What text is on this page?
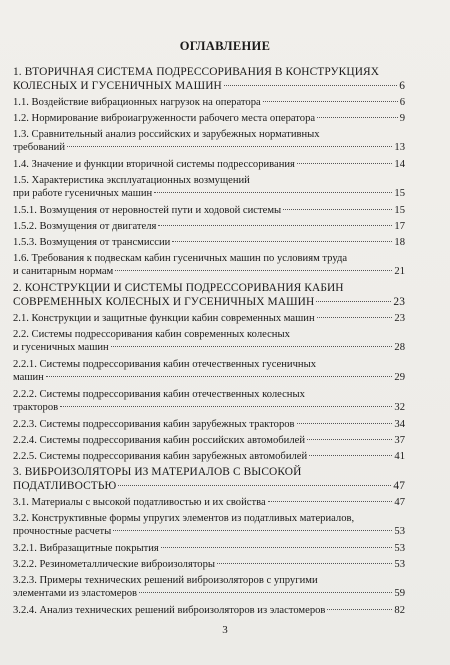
ОГЛАВЛЕНИЕ
1. ВТОРИЧНАЯ СИСТЕМА ПОДРЕССОРИВАНИЯ В КОНСТРУКЦИЯХ
КОЛЕСНЫХ И ГУСЕНИЧНЫХ МАШИН	6
1.1. Воздействие вибрационных нагрузок на оператора	6
1.2. Нормирование виброиагруженности рабочего места оператора	9
1.3. Сравнительный анализ российских и зарубежных нормативных
требований	13
1.4. Значение и функции вторичной системы подрессоривания	14
1.5. Характеристика эксплуатационных возмущений
при работе гусеничных машин	15
1.5.1. Возмущения от неровностей пути и ходовой системы	15
1.5.2. Возмущения от двигателя	17
1.5.3. Возмущения от трансмиссии	18
1.6. Требования к подвескам кабин гусеничных машин по условиям труда
и санитарным нормам	21
2. КОНСТРУКЦИИ И СИСТЕМЫ ПОДРЕССОРИВАНИЯ КАБИН
СОВРЕМЕННЫХ КОЛЕСНЫХ И ГУСЕНИЧНЫХ МАШИН	23
2.1. Конструкции и защитные функции кабин современных машин	23
2.2. Системы подрессоривания кабин современных колесных
и гусеничных машин	28
2.2.1. Системы подрессоривания кабин отечественных гусеничных
машин	29
2.2.2. Системы подрессоривания кабин отечественных колесных
тракторов	32
2.2.3. Системы подрессоривания кабин зарубежных тракторов	34
2.2.4. Системы подрессоривания кабин российских автомобилей	37
2.2.5. Системы подрессоривания кабин зарубежных автомобилей	41
3. ВИБРОИЗОЛЯТОРЫ ИЗ МАТЕРИАЛОВ С ВЫСОКОЙ
ПОДАТЛИВОСТЬЮ	47
3.1. Материалы с высокой податливостью и их свойства	47
3.2. Конструктивные формы упругих элементов из податливых материалов,
прочностные расчеты	53
3.2.1. Вибразащитные покрытия	53
3.2.2. Резинометаллические виброизоляторы	53
3.2.3. Примеры технических решений виброизоляторов с упругими
элементами из эластомеров	59
3.2.4. Анализ технических решений виброизоляторов из эластомеров	82
3
